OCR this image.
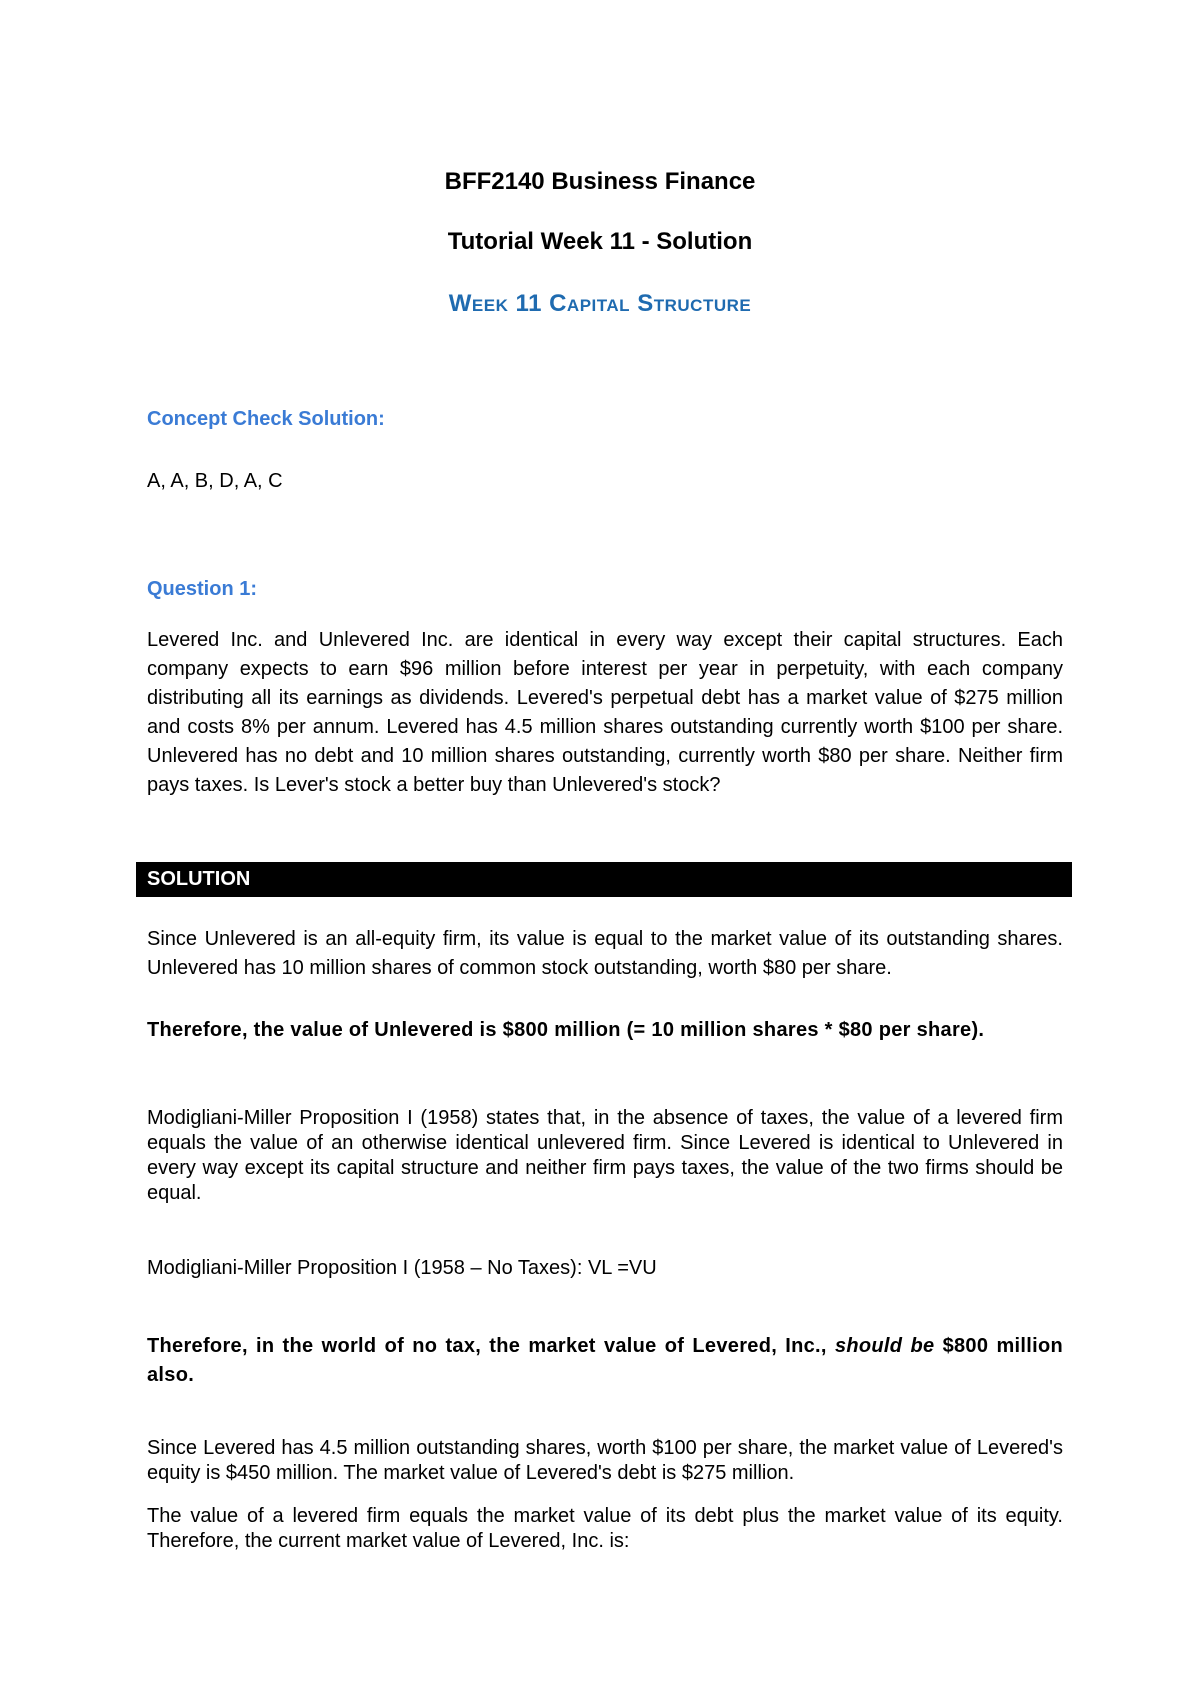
BFF2140 Business Finance
Tutorial Week 11 - Solution
Week 11 Capital Structure

Concept Check Solution:

A, A, B, D, A, C

Question 1:

Levered Inc. and Unlevered Inc. are identical in every way except their capital structures. Each company expects to earn $96 million before interest per year in perpetuity, with each company distributing all its earnings as dividends. Levered's perpetual debt has a market value of $275 million and costs 8% per annum. Levered has 4.5 million shares outstanding currently worth $100 per share. Unlevered has no debt and 10 million shares outstanding, currently worth $80 per share. Neither firm pays taxes. Is Lever's stock a better buy than Unlevered's stock?

SOLUTION

Since Unlevered is an all-equity firm, its value is equal to the market value of its outstanding shares. Unlevered has 10 million shares of common stock outstanding, worth $80 per share.

Therefore, the value of Unlevered is $800 million (= 10 million shares * $80 per share).

Modigliani-Miller Proposition I (1958) states that, in the absence of taxes, the value of a levered firm equals the value of an otherwise identical unlevered firm. Since Levered is identical to Unlevered in every way except its capital structure and neither firm pays taxes, the value of the two firms should be equal.

Modigliani-Miller Proposition I (1958 – No Taxes): VL =VU

Therefore, in the world of no tax, the market value of Levered, Inc., should be $800 million also.

Since Levered has 4.5 million outstanding shares, worth $100 per share, the market value of Levered's equity is $450 million. The market value of Levered's debt is $275 million.

The value of a levered firm equals the market value of its debt plus the market value of its equity. Therefore, the current market value of Levered, Inc. is:
